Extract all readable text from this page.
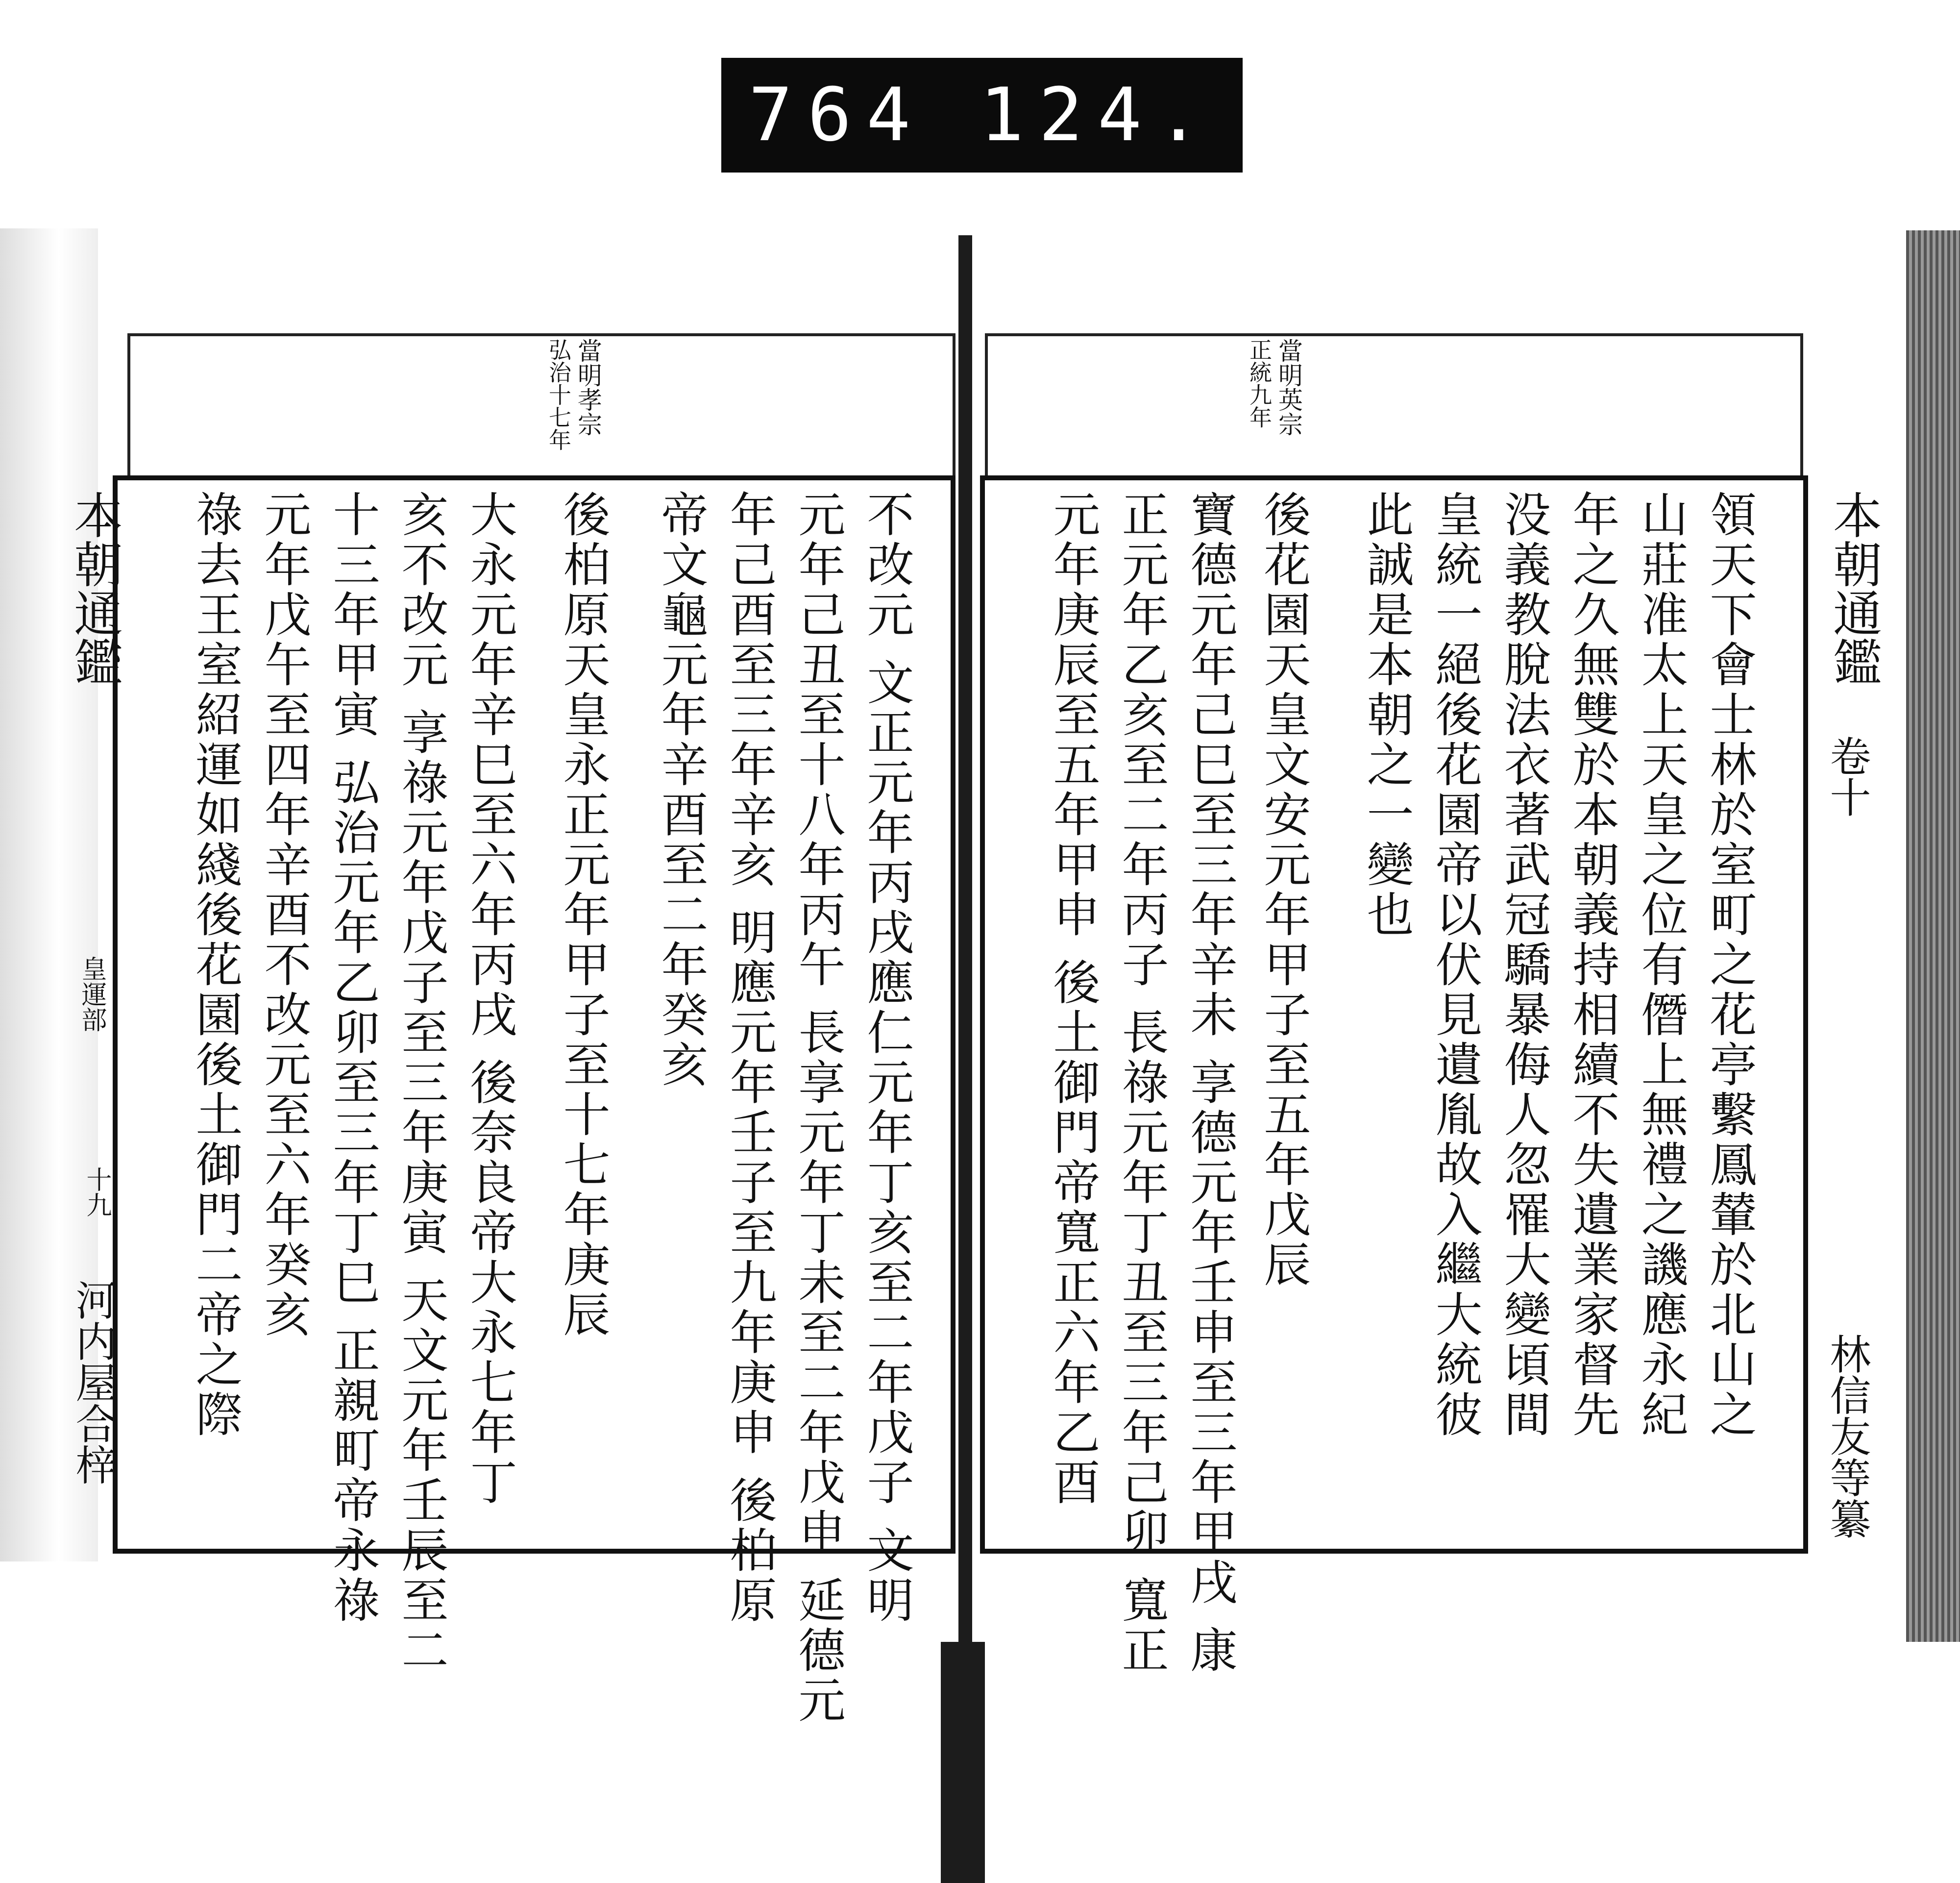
764 124.
本朝通鑑
皇運部
十九
河内屋合梓
當明孝宗
弘治十七年
不改元 文正元年丙戌應仁元年丁亥至二年戊子 文明
元年己丑至十八年丙午 長享元年丁未至二年戊申 延德元
年己酉至三年辛亥 明應元年壬子至九年庚申 後柏原
帝文龜元年辛酉至二年癸亥
後柏原天皇永正元年甲子至十七年庚辰
大永元年辛巳至六年丙戌 後奈良帝大永七年丁
亥不改元 享祿元年戊子至三年庚寅 天文元年壬辰至二
十三年甲寅 弘治元年乙卯至三年丁巳 正親町帝永祿
元年戊午至四年辛酉不改元至六年癸亥
祿去王室紹運如綫後花園後土御門二帝之際
當明英宗
正統九年
領天下會士林於室町之花亭繫鳳輦於北山之
山莊准太上天皇之位有僭上無禮之譏應永紀
年之久無雙於本朝義持相續不失遺業家督先
没義教脫法衣著武冠驕暴侮人忽罹大變頃間
皇統一絕後花園帝以伏見遺胤故入繼大統彼
此誠是本朝之一變也
後花園天皇文安元年甲子至五年戊辰
寶德元年己巳至三年辛未 享德元年壬申至三年甲戌 康
正元年乙亥至二年丙子 長祿元年丁丑至三年己卯 寬正
元年庚辰至五年甲申 後土御門帝寬正六年乙酉	本朝通鑑
卷十
林信友等纂
